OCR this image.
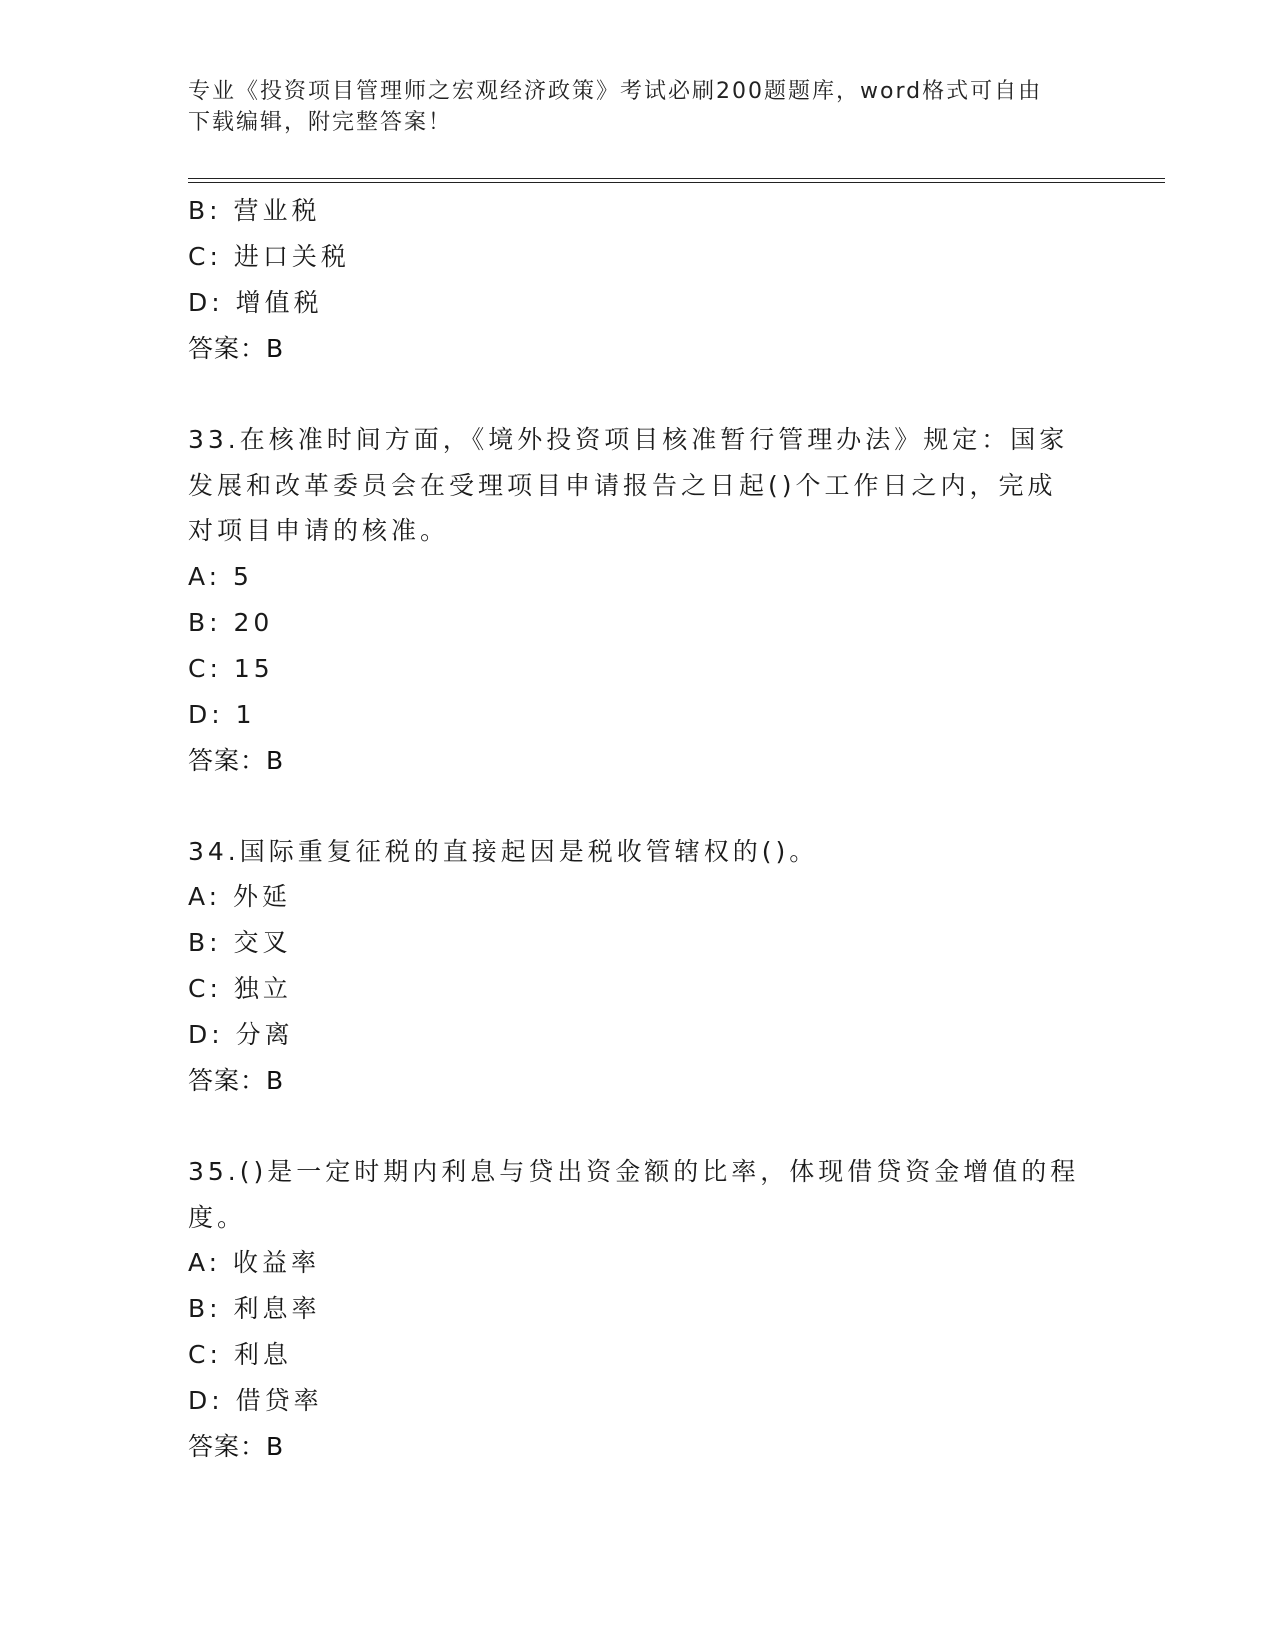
专业《投资项目管理师之宏观经济政策》考试必刷200题题库，word格式可自由
下载编辑，附完整答案！
B: 营业税
C: 进口关税
D: 增值税
答案：B
33.在核准时间方面，《境外投资项目核准暂行管理办法》规定：国家
发展和改革委员会在受理项目申请报告之日起()个工作日之内，完成
对项目申请的核准。
A: 5
B: 20
C: 15
D: 1
答案：B
34.国际重复征税的直接起因是税收管辖权的()。
A: 外延
B: 交叉
C: 独立
D: 分离
答案：B
35.()是一定时期内利息与贷出资金额的比率，体现借贷资金增值的程
度。
A: 收益率
B: 利息率
C: 利息
D: 借贷率
答案：B
